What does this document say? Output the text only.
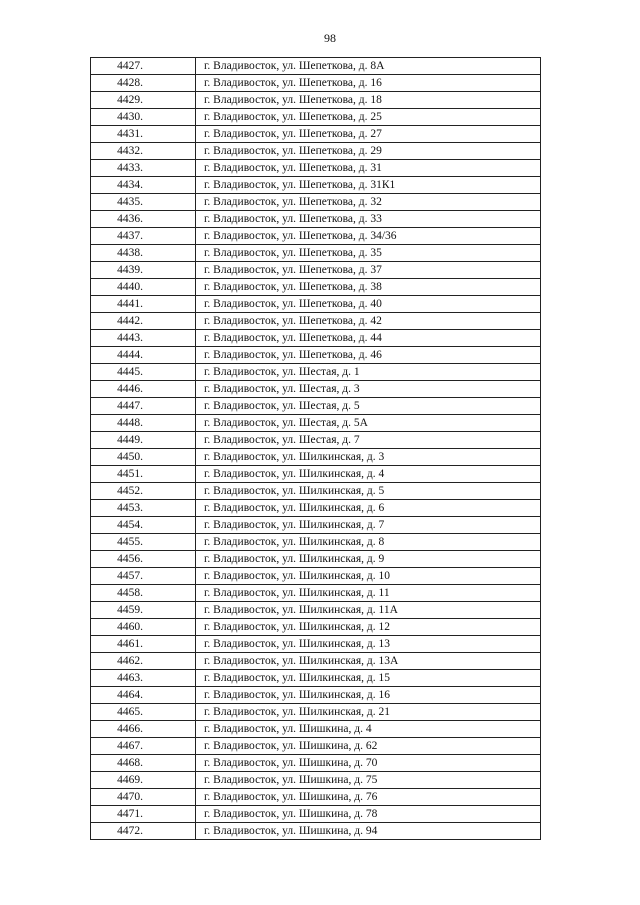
98
4427.	г. Владивосток, ул. Шепеткова, д. 8А
4428.	г. Владивосток, ул. Шепеткова, д. 16
4429.	г. Владивосток, ул. Шепеткова, д. 18
4430.	г. Владивосток, ул. Шепеткова, д. 25
4431.	г. Владивосток, ул. Шепеткова, д. 27
4432.	г. Владивосток, ул. Шепеткова, д. 29
4433.	г. Владивосток, ул. Шепеткова, д. 31
4434.	г. Владивосток, ул. Шепеткова, д. 31К1
4435.	г. Владивосток, ул. Шепеткова, д. 32
4436.	г. Владивосток, ул. Шепеткова, д. 33
4437.	г. Владивосток, ул. Шепеткова, д. 34/36
4438.	г. Владивосток, ул. Шепеткова, д. 35
4439.	г. Владивосток, ул. Шепеткова, д. 37
4440.	г. Владивосток, ул. Шепеткова, д. 38
4441.	г. Владивосток, ул. Шепеткова, д. 40
4442.	г. Владивосток, ул. Шепеткова, д. 42
4443.	г. Владивосток, ул. Шепеткова, д. 44
4444.	г. Владивосток, ул. Шепеткова, д. 46
4445.	г. Владивосток, ул. Шестая, д. 1
4446.	г. Владивосток, ул. Шестая, д. 3
4447.	г. Владивосток, ул. Шестая, д. 5
4448.	г. Владивосток, ул. Шестая, д. 5А
4449.	г. Владивосток, ул. Шестая, д. 7
4450.	г. Владивосток, ул. Шилкинская, д. 3
4451.	г. Владивосток, ул. Шилкинская, д. 4
4452.	г. Владивосток, ул. Шилкинская, д. 5
4453.	г. Владивосток, ул. Шилкинская, д. 6
4454.	г. Владивосток, ул. Шилкинская, д. 7
4455.	г. Владивосток, ул. Шилкинская, д. 8
4456.	г. Владивосток, ул. Шилкинская, д. 9
4457.	г. Владивосток, ул. Шилкинская, д. 10
4458.	г. Владивосток, ул. Шилкинская, д. 11
4459.	г. Владивосток, ул. Шилкинская, д. 11А
4460.	г. Владивосток, ул. Шилкинская, д. 12
4461.	г. Владивосток, ул. Шилкинская, д. 13
4462.	г. Владивосток, ул. Шилкинская, д. 13А
4463.	г. Владивосток, ул. Шилкинская, д. 15
4464.	г. Владивосток, ул. Шилкинская, д. 16
4465.	г. Владивосток, ул. Шилкинская, д. 21
4466.	г. Владивосток, ул. Шишкина, д. 4
4467.	г. Владивосток, ул. Шишкина, д. 62
4468.	г. Владивосток, ул. Шишкина, д. 70
4469.	г. Владивосток, ул. Шишкина, д. 75
4470.	г. Владивосток, ул. Шишкина, д. 76
4471.	г. Владивосток, ул. Шишкина, д. 78
4472.	г. Владивосток, ул. Шишкина, д. 94
